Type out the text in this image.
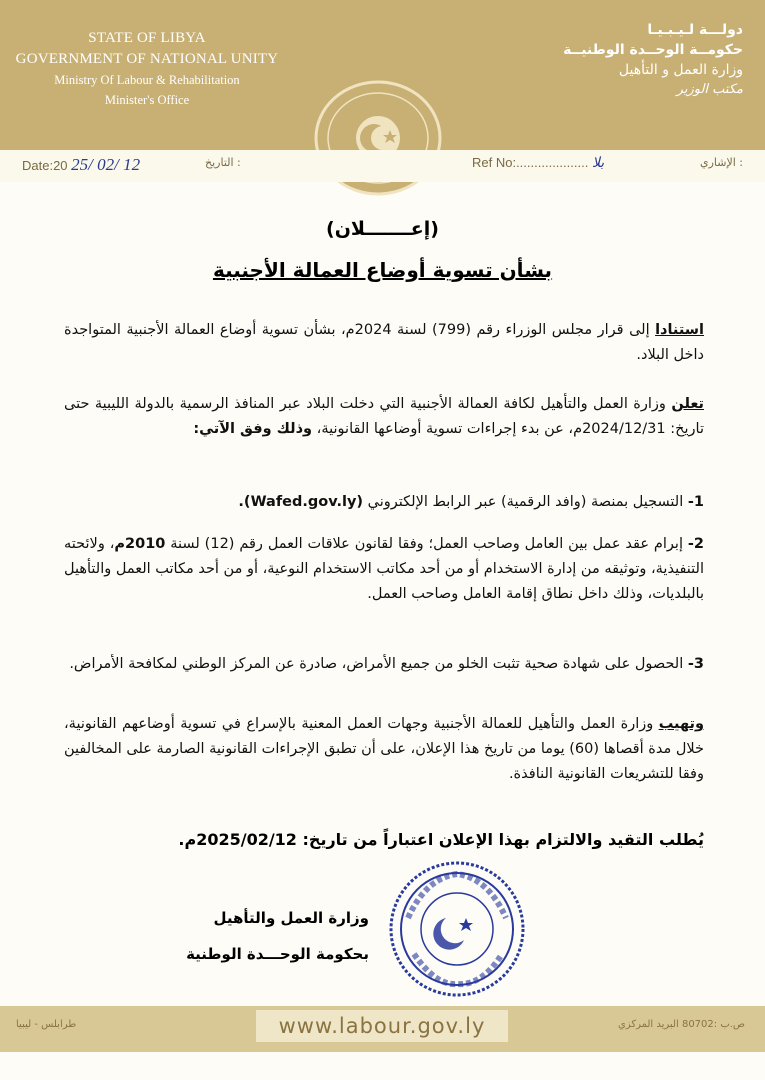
STATE OF LIBYA
GOVERNMENT OF NATIONAL UNITY
Ministry Of Labour & Rehabilitation
Minister's Office
دولـــة لـيـبـيـا
حكومــة الوحــدة الوطنيــة
وزارة العمل و التأهيل
مكتب الوزير
Date:20 25/ 02/ 12	التاريخ :	Ref No:.................... بلا	الإشاري :
(إعـــــــلان)
بشأن تسوية أوضاع العمالة الأجنبية
استنادا إلى قرار مجلس الوزراء رقم (799) لسنة 2024م، بشأن تسوية أوضاع العمالة الأجنبية المتواجدة داخل البلاد.
تعلن وزارة العمل والتأهيل لكافة العمالة الأجنبية التي دخلت البلاد عبر المنافذ الرسمية بالدولة الليبية حتى تاريخ: 2024/12/31م، عن بدء إجراءات تسوية أوضاعها القانونية، وذلك وفق الآتي:
1- التسجيل بمنصة (وافد الرقمية) عبر الرابط الإلكتروني (Wafed.gov.ly).
2- إبرام عقد عمل بين العامل وصاحب العمل؛ وفقا لقانون علاقات العمل رقم (12) لسنة 2010م، ولائحته التنفيذية، وتوثيقه من إدارة الاستخدام أو من أحد مكاتب الاستخدام النوعية، أو من أحد مكاتب العمل والتأهيل بالبلديات، وذلك داخل نطاق إقامة العامل وصاحب العمل.
3- الحصول على شهادة صحية تثبت الخلو من جميع الأمراض، صادرة عن المركز الوطني لمكافحة الأمراض.
وتهيب وزارة العمل والتأهيل للعمالة الأجنبية وجهات العمل المعنية بالإسراع في تسوية أوضاعهم القانونية، خلال مدة أقصاها (60) يوما من تاريخ هذا الإعلان، على أن تطبق الإجراءات القانونية الصارمة على المخالفين وفقا للتشريعات القانونية النافذة.
يُطلب التقيد والالتزام بهذا الإعلان اعتباراً من تاريخ: 2025/02/12م.
وزارة العمل والتأهيل
بحكومة الوحـــدة الوطنية
www.labour.gov.ly
طرابلس - ليبيا	ص.ب :80702 البريد المركزي
